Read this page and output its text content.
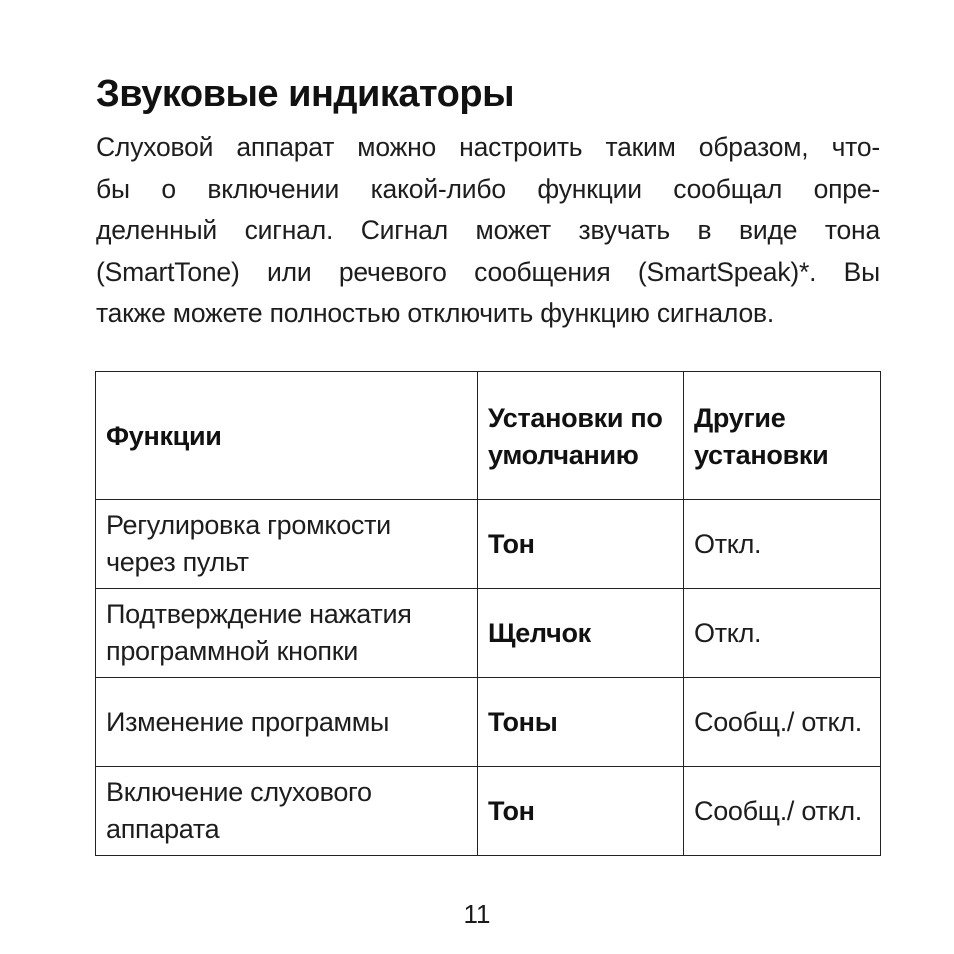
Звуковые индикаторы
Слуховой аппарат можно настроить таким образом, что-
бы о включении какой-либо функции сообщал опре-
деленный сигнал. Сигнал может звучать в виде тона
(SmartTone) или речевого сообщения (SmartSpeak)*. Вы
также можете полностью отключить функцию сигналов.
Функции	Установки по умолчанию	Другие установки
Регулировка громкости через пульт	Тон	Откл.
Подтверждение нажатия программной кнопки	Щелчок	Откл.
Изменение программы	Тоны	Сообщ./ откл.
Включение слухового аппарата	Тон	Сообщ./ откл.
11
